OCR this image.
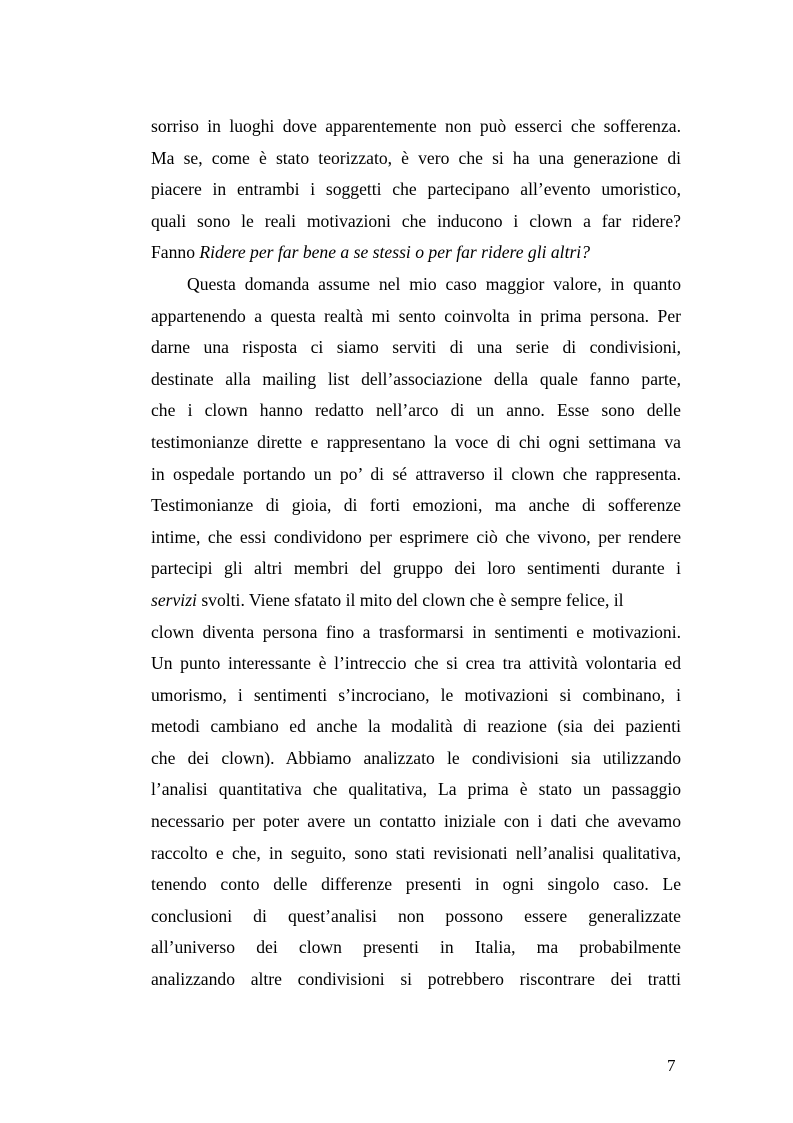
sorriso in luoghi dove apparentemente non può esserci che sofferenza.
Ma se, come è stato teorizzato, è vero che si ha una generazione di
piacere in entrambi i soggetti che partecipano all’evento umoristico,
quali sono le reali motivazioni che inducono i clown a far ridere?
Fanno Ridere per far bene a se stessi o per far ridere gli altri?
Questa domanda assume nel mio caso maggior valore, in quanto
appartenendo a questa realtà mi sento coinvolta in prima persona. Per
darne una risposta ci siamo serviti di una serie di condivisioni,
destinate alla mailing list dell’associazione della quale fanno parte,
che i clown hanno redatto nell’arco di un anno. Esse sono delle
testimonianze dirette e rappresentano la voce di chi ogni settimana va
in ospedale portando un po’ di sé attraverso il clown che rappresenta.
Testimonianze di gioia, di forti emozioni, ma anche di sofferenze
intime, che essi condividono per esprimere ciò che vivono, per rendere
partecipi gli altri membri del gruppo dei loro sentimenti durante i
servizi svolti. Viene sfatato il mito del clown che è sempre felice, il
clown diventa persona fino a trasformarsi in sentimenti e motivazioni.
Un punto interessante è l’intreccio che si crea tra attività volontaria ed
umorismo, i sentimenti s’incrociano, le motivazioni si combinano, i
metodi cambiano ed anche la modalità di reazione (sia dei pazienti
che dei clown). Abbiamo analizzato le condivisioni sia utilizzando
l’analisi quantitativa che qualitativa, La prima è stato un passaggio
necessario per poter avere un contatto iniziale con i dati che avevamo
raccolto e che, in seguito, sono stati revisionati nell’analisi qualitativa,
tenendo conto delle differenze presenti in ogni singolo caso. Le
conclusioni di quest’analisi non possono essere generalizzate
all’universo dei clown presenti in Italia, ma probabilmente
analizzando altre condivisioni si potrebbero riscontrare dei tratti
7
